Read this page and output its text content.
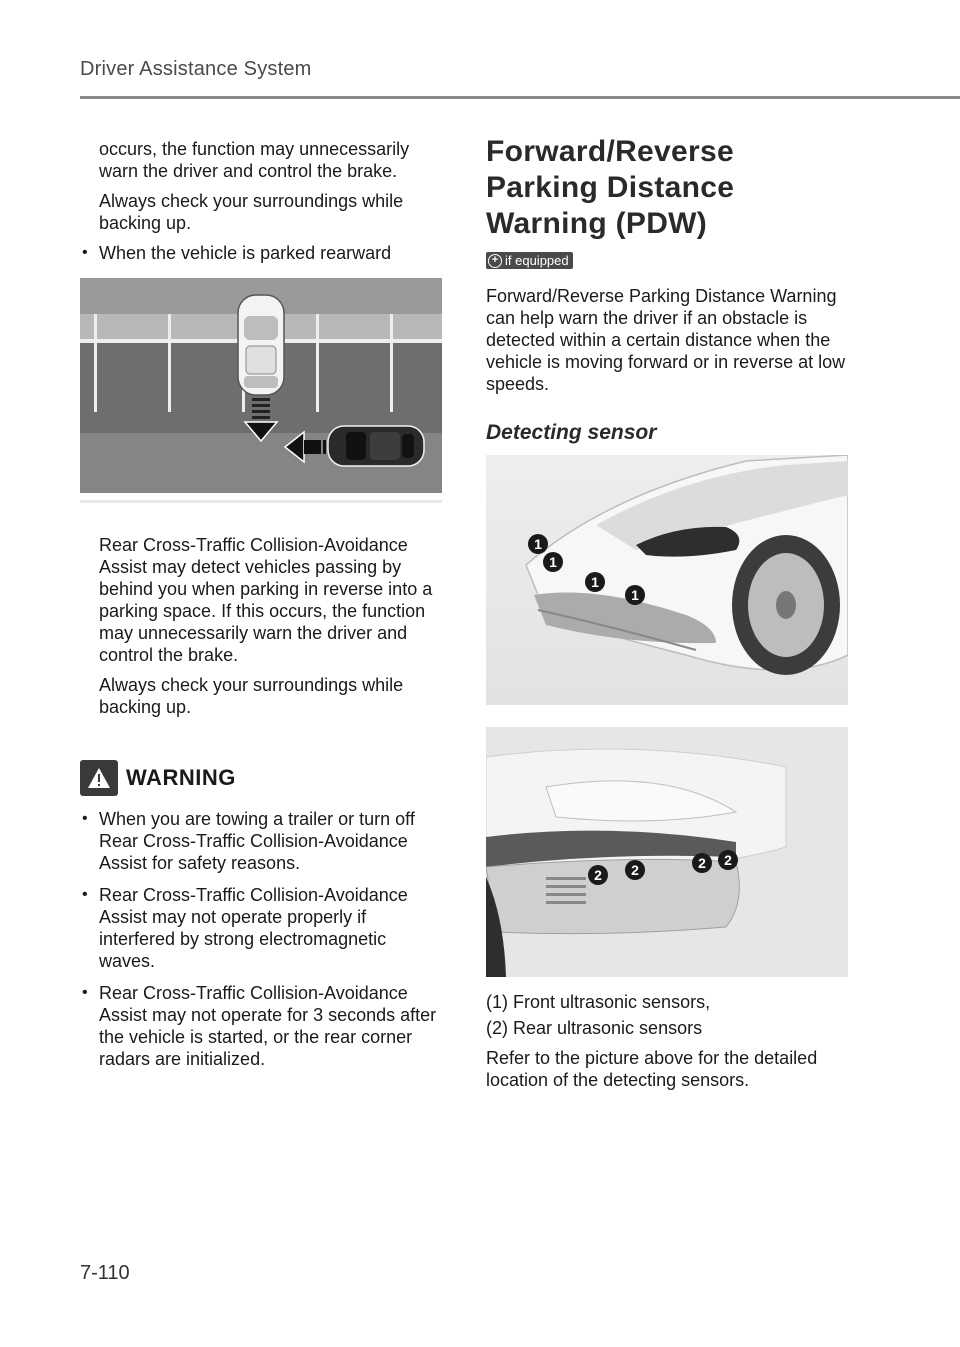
Driver Assistance System

occurs, the function may unnecessarily warn the driver and control the brake.

Always check your surroundings while backing up.

• When the vehicle is parked rearward

Rear Cross-Traffic Collision-Avoidance Assist may detect vehicles passing by behind you when parking in reverse into a parking space. If this occurs, the function may unnecessarily warn the driver and control the brake.

Always check your surroundings while backing up.

WARNING
• When you are towing a trailer or turn off Rear Cross-Traffic Collision-Avoidance Assist for safety reasons.
• Rear Cross-Traffic Collision-Avoidance Assist may not operate properly if interfered by strong electromagnetic waves.
• Rear Cross-Traffic Collision-Avoidance Assist may not operate for 3 seconds after the vehicle is started, or the rear corner radars are initialized.
Forward/Reverse Parking Distance Warning (PDW)
+ if equipped

Forward/Reverse Parking Distance Warning can help warn the driver if an obstacle is detected within a certain distance when the vehicle is moving forward or in reverse at low speeds.

Detecting sensor
1
1
1
1
2 2	2 2

(1) Front ultrasonic sensors,

(2) Rear ultrasonic sensors

Refer to the picture above for the detailed location of the detecting sensors.

7-110
